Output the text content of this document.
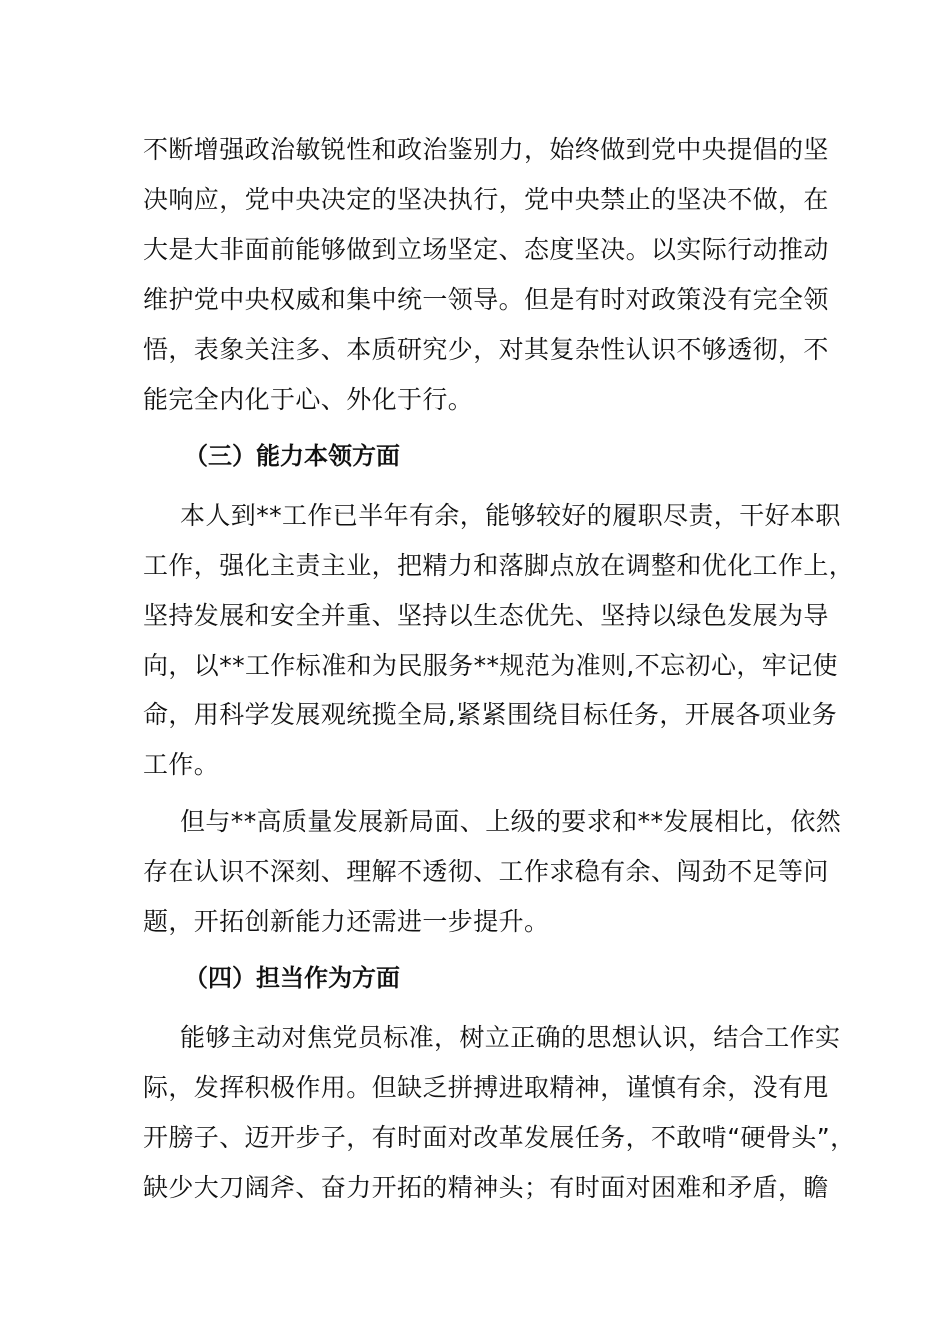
不断增强政治敏锐性和政治鉴别力，始终做到党中央提倡的坚
决响应，党中央决定的坚决执行，党中央禁止的坚决不做，在
大是大非面前能够做到立场坚定、态度坚决。以实际行动推动
维护党中央权威和集中统一领导。但是有时对政策没有完全领
悟，表象关注多、本质研究少，对其复杂性认识不够透彻，不
能完全内化于心、外化于行。
（三）能力本领方面
本人到**工作已半年有余，能够较好的履职尽责，干好本职
工作，强化主责主业，把精力和落脚点放在调整和优化工作上，
坚持发展和安全并重、坚持以生态优先、坚持以绿色发展为导
向，以**工作标准和为民服务**规范为准则,不忘初心，牢记使
命，用科学发展观统揽全局,紧紧围绕目标任务，开展各项业务
工作。
但与**高质量发展新局面、上级的要求和**发展相比，依然
存在认识不深刻、理解不透彻、工作求稳有余、闯劲不足等问
题，开拓创新能力还需进一步提升。
（四）担当作为方面
能够主动对焦党员标准，树立正确的思想认识，结合工作实
际，发挥积极作用。但缺乏拼搏进取精神，谨慎有余，没有甩
开膀子、迈开步子，有时面对改革发展任务，不敢啃“硬骨头”，
缺少大刀阔斧、奋力开拓的精神头；有时面对困难和矛盾，瞻
